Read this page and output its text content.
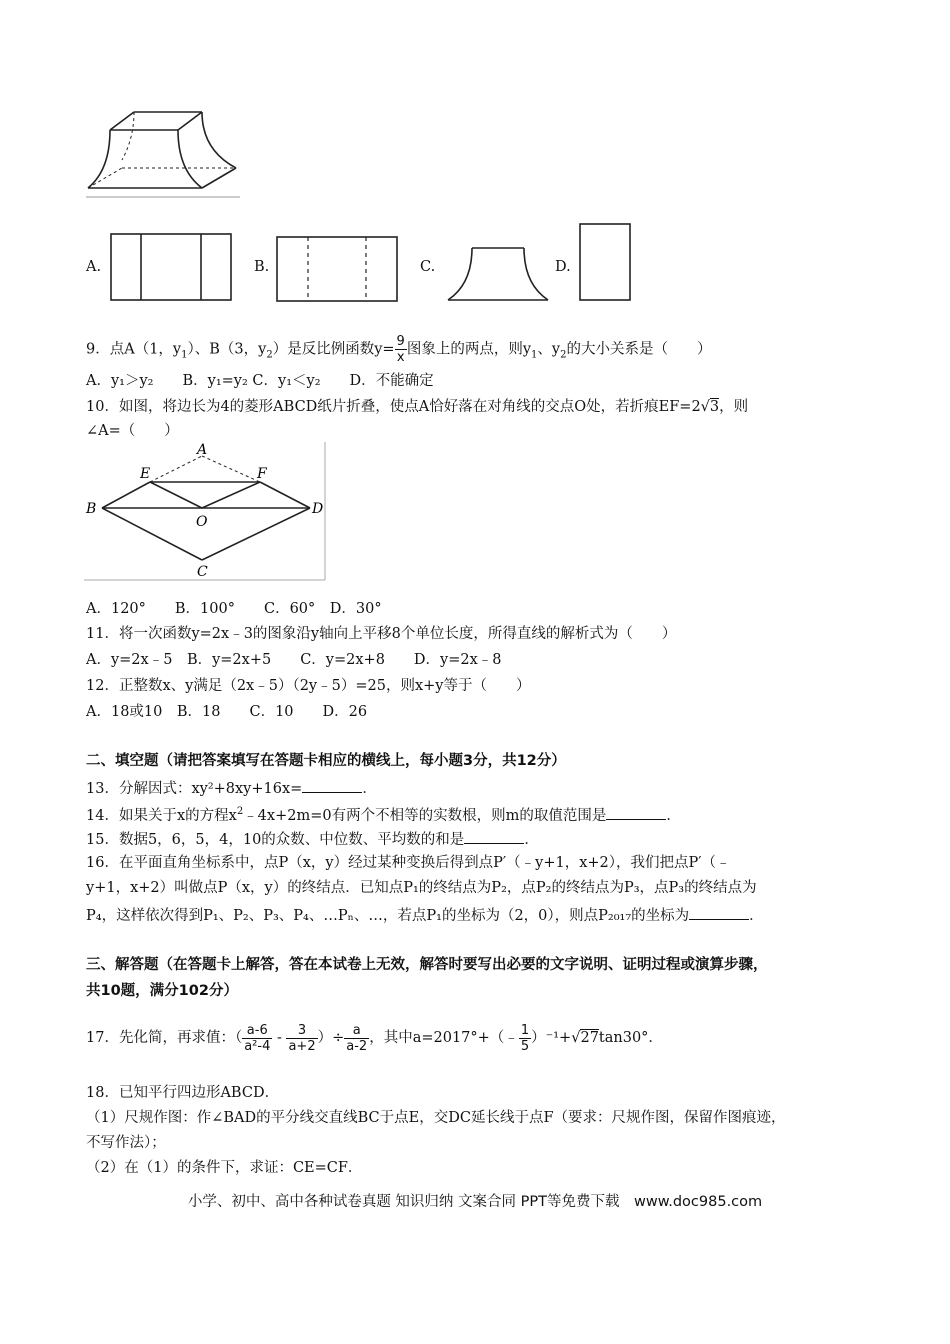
A.	B.	C.	D.
9．点A（1，$y_1$）、B（3，$y_2$）是反比例函数$y= \frac{9}{x}$ 图象上的两点，则$y_1$、$y_2$的大小关系是（　　）
A．y₁＞y₂　　B．y₁=y₂ C．y₁＜y₂　　D．不能确定
10．如图，将边长为4的菱形ABCD纸片折叠，使点A恰好落在对角线的交点O处，若折痕EF=2√3，则
∠A=（　　）
A
B	D
E	F
O
C
A．120°　　B．100°　　C．60°　D．30°
11．将一次函数y=2x﹣3的图象沿y轴向上平移8个单位长度，所得直线的解析式为（　　）
A．y=2x﹣5　B．y=2x+5　　C．y=2x+8　　D．y=2x﹣8
12．正整数x、y满足（2x﹣5）（2y﹣5）=25，则x+y等于（　　）
A．18或10　B．18　　C．10　　D．26
二、填空题（请把答案填写在答题卡相应的横线上，每小题3分，共12分）
13．分解因式：xy²+8xy+16x=	．
14．如果关于x的方程$x^2﹣4x+2m=0$有两个不相等的实数根，则m的取值范围是	．
15．数据5，6，5，4，10的众数、中位数、平均数的和是	．
16．在平面直角坐标系中，点P（x，y）经过某种变换后得到点P′（﹣y+1，x+2），我们把点P′（﹣
y+1，x+2）叫做点P（x，y）的终结点．已知点P₁的终结点为P₂，点P₂的终结点为P₃，点P₃的终结点为
P₄，这样依次得到P₁、P₂、P₃、P₄、…Pₙ、…，若点P₁的坐标为（2，0），则点P₂₀₁₇的坐标为	．
三、解答题（在答题卡上解答，答在本试卷上无效，解答时要写出必要的文字说明、证明过程或演算步骤，
共10题，满分102分）
17．先化简，再求值：（ $\frac{a-6}{\text{a²-4}} - \frac{3}{a+2}$ ）÷ $\frac{a}{a-2}$ ，其中a=2017°+（﹣ $\frac{1}{5} )^{-1}+√27\tan 30^\circ$．
18．已知平行四边形ABCD．
（1）尺规作图：作∠BAD的平分线交直线BC于点E，交DC延长线于点F（要求：尺规作图，保留作图痕迹，
不写作法）；
（2）在（1）的条件下，求证：CE=CF．
小学、初中、高中各种试卷真题 知识归纳 文案合同 PPT等免费下载　www.doc985.com
